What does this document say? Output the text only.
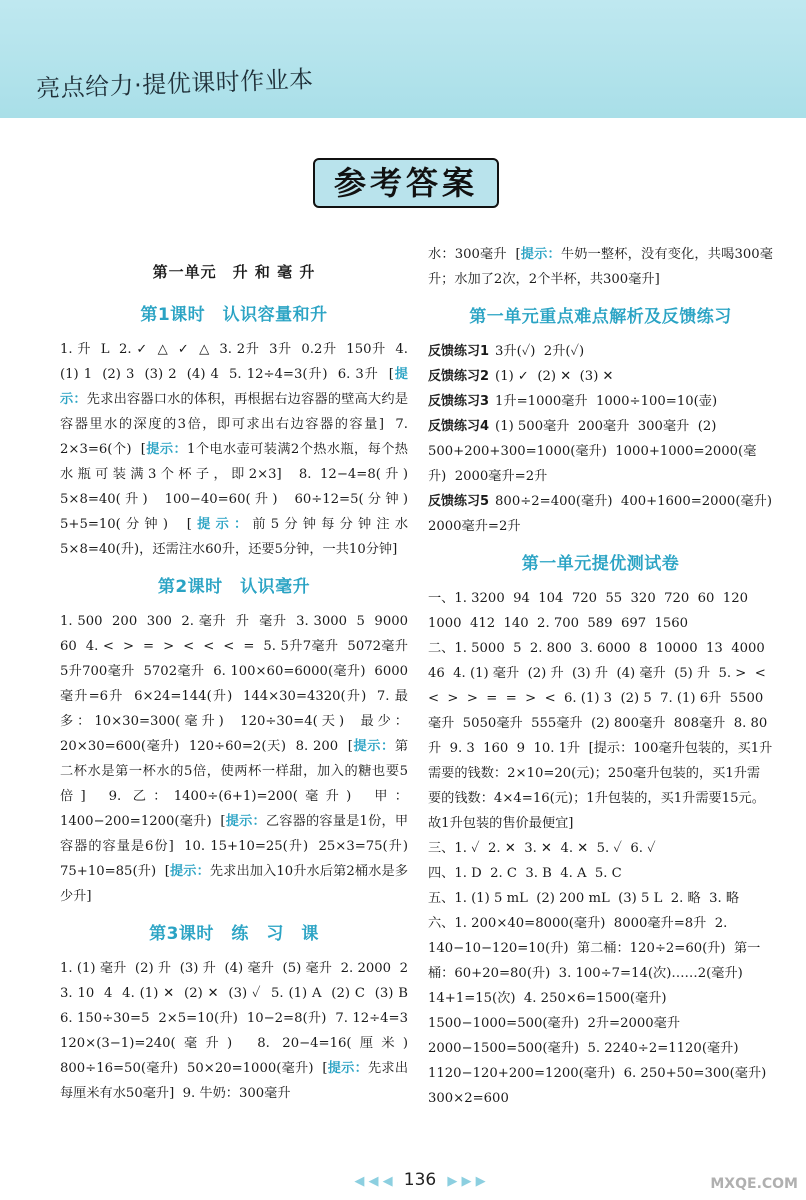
亮点给力·提优课时作业本
参考答案
第一单元　升 和 毫 升
第1课时　认识容量和升

1. 升  L  2. ✓  △  ✓  △  3. 2升  3升  0.2升  150升  4. (1) 1  (2) 3  (3) 2  (4) 4  5. 12÷4=3(升)  6. 3升  [提示：先求出容器口水的体积，再根据右边容器的壁高大约是容器里水的深度的3倍，即可求出右边容器的容量]  7. 2×3=6(个)  [提示：1个电水壶可装满2个热水瓶，每个热水瓶可装满3个杯子，即2×3]  8. 12−4=8(升)  5×8=40(升)  100−40=60(升)  60÷12=5(分钟)  5+5=10(分钟)  [提示：前5分钟每分钟注水5×8=40(升)，还需注水60升，还要5分钟，一共10分钟]

第2课时　认识毫升

1. 500  200  300  2. 毫升  升  毫升  3. 3000  5  9000  60  4. <  >  =  >  <  <  <  =  5. 5升7毫升  5072毫升  5升700毫升  5702毫升  6. 100×60=6000(毫升)  6000毫升=6升  6×24=144(升)  144×30=4320(升)  7. 最多：10×30=300(毫升)  120÷30=4(天)  最少：20×30=600(毫升)  120÷60=2(天)  8. 200  [提示：第二杯水是第一杯水的5倍，使两杯一样甜，加入的糖也要5倍]  9. 乙：1400÷(6+1)=200(毫升)  甲：1400−200=1200(毫升)  [提示：乙容器的容量是1份，甲容器的容量是6份]  10. 15+10=25(升)  25×3=75(升)  75+10=85(升)  [提示：先求出加入10升水后第2桶水是多少升]

第3课时　练　习　课

1. (1) 毫升  (2) 升  (3) 升  (4) 毫升  (5) 毫升  2. 2000  2  3. 10  4  4. (1) ✕  (2) ✕  (3) ✓  5. (1) A  (2) C  (3) B  6. 150÷30=5  2×5=10(升)  10−2=8(升)  7. 12÷4=3  120×(3−1)=240(毫升)  8. 20−4=16(厘米)  800÷16=50(毫升)  50×20=1000(毫升)  [提示：先求出每厘米有水50毫升]  9. 牛奶：300毫升

水：300毫升  [提示：牛奶一整杯，没有变化，共喝300毫升；水加了2次，2个半杯，共300毫升]

第一单元重点难点解析及反馈练习
反馈练习1 3升(✓)  2升(✓)
反馈练习2 (1) ✓  (2) ✕  (3) ✕
反馈练习3 1升=1000毫升  1000÷100=10(壶)
反馈练习4 (1) 500毫升  200毫升  300毫升  (2) 500+200+300=1000(毫升)  1000+1000=2000(毫升)  2000毫升=2升
反馈练习5 800÷2=400(毫升)  400+1600=2000(毫升)  2000毫升=2升
第一单元提优测试卷
一、1. 3200  94  104  720  55  320  720  60  120  1000  412  140  2. 700  589  697  1560
二、1. 5000  5  2. 800  3. 6000  8  10000  13  4000  46  4. (1) 毫升  (2) 升  (3) 升  (4) 毫升  (5) 升  5. >  <  <  >  >  =  =  >  <  6. (1) 3  (2) 5  7. (1) 6升  5500毫升  5050毫升  555毫升  (2) 800毫升  808毫升  8. 80升  9. 3  160  9  10. 1升  [提示：100毫升包装的，买1升需要的钱数：2×10=20(元)；250毫升包装的，买1升需要的钱数：4×4=16(元)；1升包装的，买1升需要15元。故1升包装的售价最便宜]
三、1. ✓  2. ✕  3. ✕  4. ✕  5. ✓  6. ✓
四、1. D  2. C  3. B  4. A  5. C
五、1. (1) 5 mL  (2) 200 mL  (3) 5 L  2. 略  3. 略
六、1. 200×40=8000(毫升)  8000毫升=8升  2. 140−10−120=10(升)  第二桶：120÷2=60(升)  第一桶：60+20=80(升)  3. 100÷7=14(次)……2(毫升)  14+1=15(次)  4. 250×6=1500(毫升)  1500−1000=500(毫升)  2升=2000毫升  2000−1500=500(毫升)  5. 2240÷2=1120(毫升)  1120−120+200=1200(毫升)  6. 250+50=300(毫升)  300×2=600
◀ ◀ ◀ 136 ▶ ▶ ▶	MXQE.COM
